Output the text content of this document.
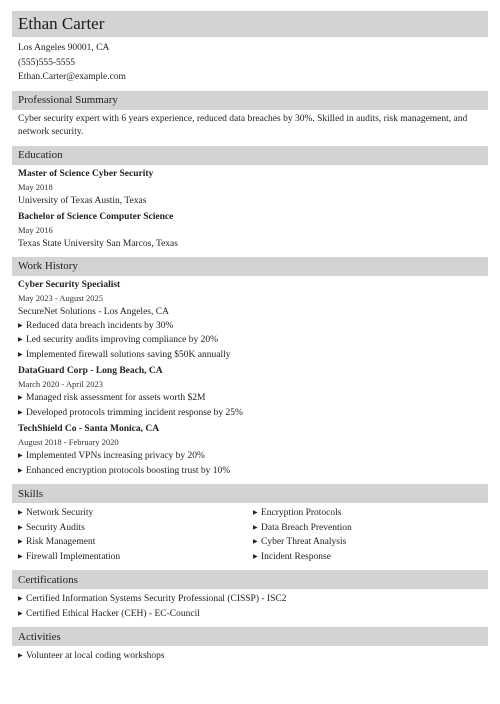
Ethan Carter
Los Angeles 90001, CA
(555)555-5555
Ethan.Carter@example.com
Professional Summary

Cyber security expert with 6 years experience, reduced data breaches by 30%. Skilled in audits, risk management, and network security.

Education
Master of Science Cyber Security
May 2018
University of Texas Austin, Texas
Bachelor of Science Computer Science
May 2016
Texas State University San Marcos, Texas
Work History
Cyber Security Specialist
May 2023 - August 2025
SecureNet Solutions - Los Angeles, CA
▶ Reduced data breach incidents by 30%
▶ Led security audits improving compliance by 20%
▶ Implemented firewall solutions saving $50K annually
DataGuard Corp - Long Beach, CA
March 2020 - April 2023
▶ Managed risk assessment for assets worth $2M
▶ Developed protocols trimming incident response by 25%
TechShield Co - Santa Monica, CA
August 2018 - February 2020
▶ Implemented VPNs increasing privacy by 20%
▶ Enhanced encryption protocols boosting trust by 10%
Skills
▶ Network Security
▶ Security Audits
▶ Risk Management
▶ Firewall Implementation
▶ Encryption Protocols
▶ Data Breach Prevention
▶ Cyber Threat Analysis
▶ Incident Response
Certifications
▶ Certified Information Systems Security Professional (CISSP) - ISC2
▶ Certified Ethical Hacker (CEH) - EC-Council
Activities
▶ Volunteer at local coding workshops
